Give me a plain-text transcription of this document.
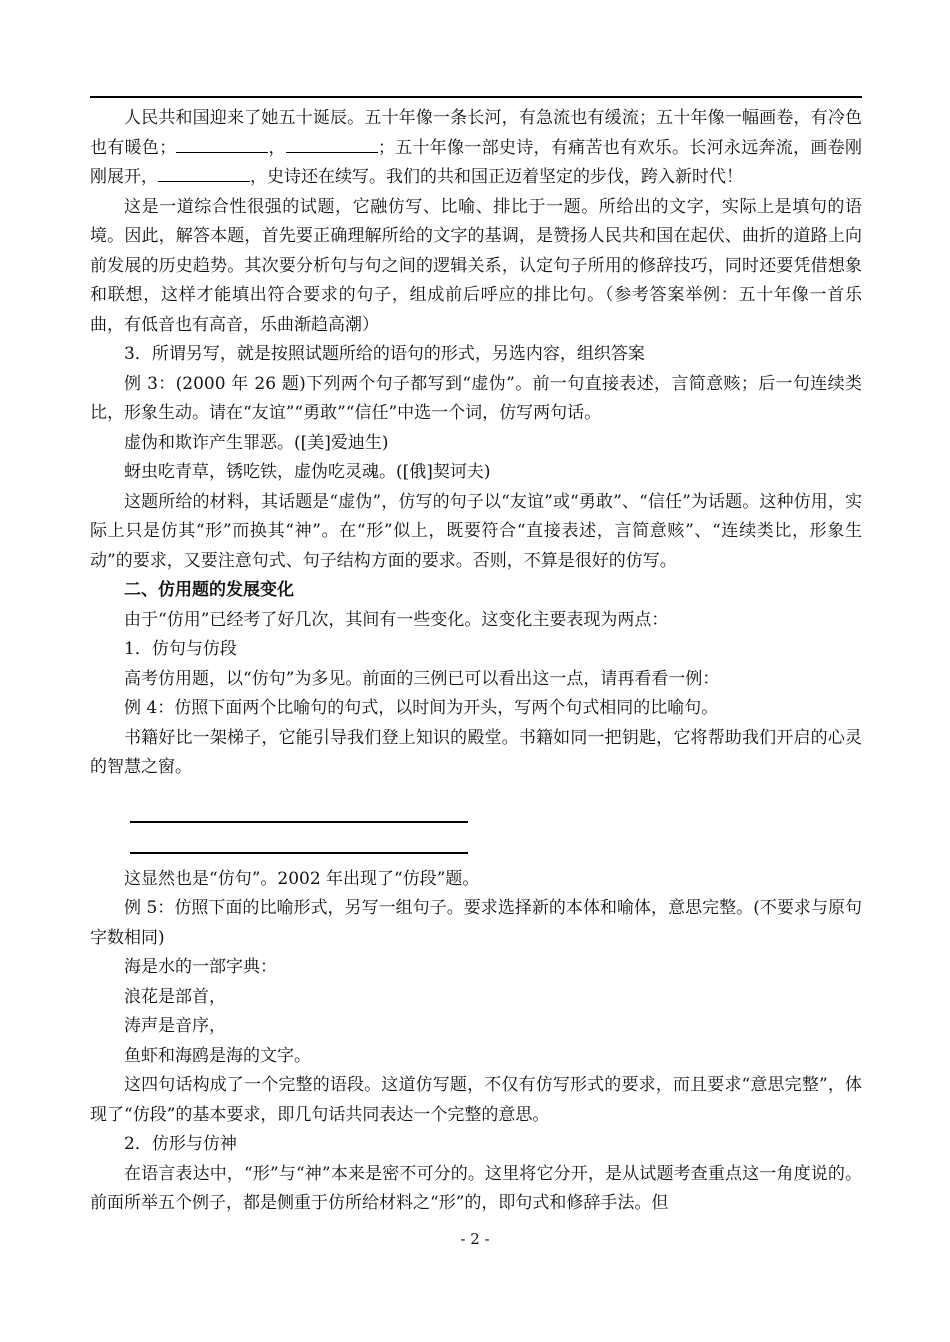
人民共和国迎来了她五十诞辰。五十年像一条长河，有急流也有缓流；五十年像一幅画卷，有冷色也有暖色；	，	；五十年像一部史诗，有痛苦也有欢乐。长河永远奔流，画卷刚刚展开，	，史诗还在续写。我们的共和国正迈着坚定的步伐，跨入新时代！

这是一道综合性很强的试题，它融仿写、比喻、排比于一题。所给出的文字，实际上是填句的语境。因此，解答本题，首先要正确理解所给的文字的基调，是赞扬人民共和国在起伏、曲折的道路上向前发展的历史趋势。其次要分析句与句之间的逻辑关系，认定句子所用的修辞技巧，同时还要凭借想象和联想，这样才能填出符合要求的句子，组成前后呼应的排比句。（参考答案举例：五十年像一首乐曲，有低音也有高音，乐曲渐趋高潮）

3．所谓另写，就是按照试题所给的语句的形式，另选内容，组织答案

例 3：(2000 年 26 题)下列两个句子都写到“虚伪”。前一句直接表述，言简意赅；后一句连续类比，形象生动。请在“友谊”“勇敢”“信任”中选一个词，仿写两句话。

虚伪和欺诈产生罪恶。([美]爱迪生)

蚜虫吃青草，锈吃铁，虚伪吃灵魂。([俄]契诃夫)

这题所给的材料，其话题是“虚伪”，仿写的句子以“友谊”或“勇敢”、“信任”为话题。这种仿用，实际上只是仿其“形”而换其“神”。在“形”似上，既要符合“直接表述，言简意赅”、“连续类比，形象生动”的要求，又要注意句式、句子结构方面的要求。否则，不算是很好的仿写。

二、仿用题的发展变化

由于“仿用”已经考了好几次，其间有一些变化。这变化主要表现为两点：

1．仿句与仿段

高考仿用题，以“仿句”为多见。前面的三例已可以看出这一点，请再看看一例：

例 4：仿照下面两个比喻句的句式，以时间为开头，写两个句式相同的比喻句。

书籍好比一架梯子，它能引导我们登上知识的殿堂。书籍如同一把钥匙，它将帮助我们开启的心灵的智慧之窗。

这显然也是“仿句”。2002 年出现了“仿段”题。

例 5：仿照下面的比喻形式，另写一组句子。要求选择新的本体和喻体，意思完整。(不要求与原句字数相同)

海是水的一部字典：

浪花是部首，

涛声是音序，

鱼虾和海鸥是海的文字。

这四句话构成了一个完整的语段。这道仿写题，不仅有仿写形式的要求，而且要求“意思完整”，体现了“仿段”的基本要求，即几句话共同表达一个完整的意思。

2．仿形与仿神

在语言表达中，“形”与“神”本来是密不可分的。这里将它分开，是从试题考查重点这一角度说的。前面所举五个例子，都是侧重于仿所给材料之“形”的，即句式和修辞手法。但

- 2 -
